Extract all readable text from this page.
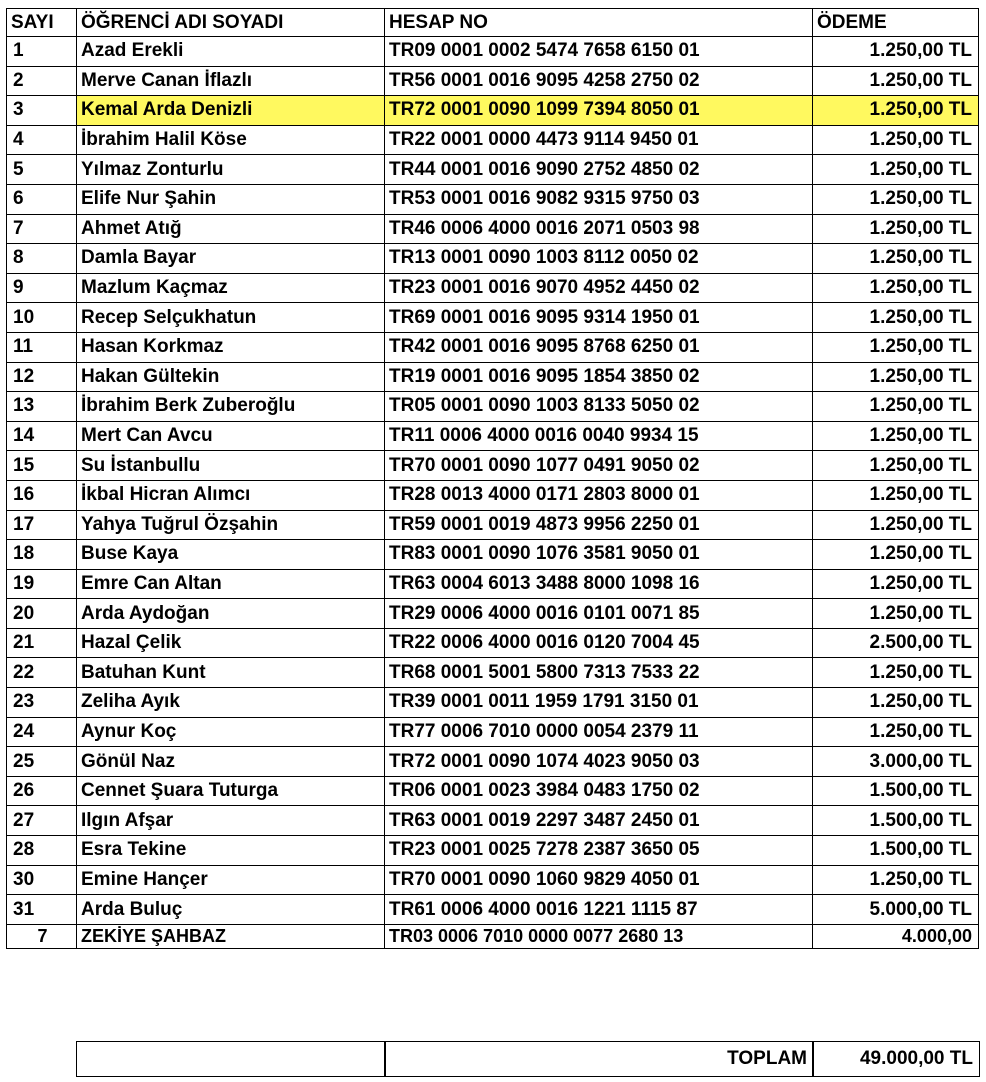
SAYI	ÖĞRENCİ ADI SOYADI	HESAP NO	ÖDEME
1	Azad Erekli	TR09 0001 0002 5474 7658 6150 01	1.250,00 TL
2	Merve Canan İflazlı	TR56 0001 0016 9095 4258 2750 02	1.250,00 TL
3	Kemal Arda Denizli	TR72 0001 0090 1099 7394 8050 01	1.250,00 TL
4	İbrahim Halil Köse	TR22 0001 0000 4473 9114 9450 01	1.250,00 TL
5	Yılmaz Zonturlu	TR44 0001 0016 9090 2752 4850 02	1.250,00 TL
6	Elife Nur Şahin	TR53 0001 0016 9082 9315 9750 03	1.250,00 TL
7	Ahmet Atığ	TR46 0006 4000 0016 2071 0503 98	1.250,00 TL
8	Damla Bayar	TR13 0001 0090 1003 8112 0050 02	1.250,00 TL
9	Mazlum Kaçmaz	TR23 0001 0016 9070 4952 4450 02	1.250,00 TL
10	Recep Selçukhatun	TR69 0001 0016 9095 9314 1950 01	1.250,00 TL
11	Hasan Korkmaz	TR42 0001 0016 9095 8768 6250 01	1.250,00 TL
12	Hakan Gültekin	TR19 0001 0016 9095 1854 3850 02	1.250,00 TL
13	İbrahim Berk Zuberoğlu	TR05 0001 0090 1003 8133 5050 02	1.250,00 TL
14	Mert Can Avcu	TR11 0006 4000 0016 0040 9934 15	1.250,00 TL
15	Su İstanbullu	TR70 0001 0090 1077 0491 9050 02	1.250,00 TL
16	İkbal Hicran Alımcı	TR28 0013 4000 0171 2803 8000 01	1.250,00 TL
17	Yahya Tuğrul Özşahin	TR59 0001 0019 4873 9956 2250 01	1.250,00 TL
18	Buse Kaya	TR83 0001 0090 1076 3581 9050 01	1.250,00 TL
19	Emre Can Altan	TR63 0004 6013 3488 8000 1098 16	1.250,00 TL
20	Arda Aydoğan	TR29 0006 4000 0016 0101 0071 85	1.250,00 TL
21	Hazal Çelik	TR22 0006 4000 0016 0120 7004 45	2.500,00 TL
22	Batuhan Kunt	TR68 0001 5001 5800 7313 7533 22	1.250,00 TL
23	Zeliha Ayık	TR39 0001 0011 1959 1791 3150 01	1.250,00 TL
24	Aynur Koç	TR77 0006 7010 0000 0054 2379 11	1.250,00 TL
25	Gönül Naz	TR72 0001 0090 1074 4023 9050 03	3.000,00 TL
26	Cennet Şuara Tuturga	TR06 0001 0023 3984 0483 1750 02	1.500,00 TL
27	Ilgın Afşar	TR63 0001 0019 2297 3487 2450 01	1.500,00 TL
28	Esra Tekine	TR23 0001 0025 7278 2387 3650 05	1.500,00 TL
30	Emine Hançer	TR70 0001 0090 1060 9829 4050 01	1.250,00 TL
31	Arda Buluç	TR61 0006 4000 0016 1221 1115 87	5.000,00 TL
7	ZEKİYE ŞAHBAZ	TR03 0006 7010 0000 0077 2680 13	4.000,00
TOPLAM	49.000,00 TL
